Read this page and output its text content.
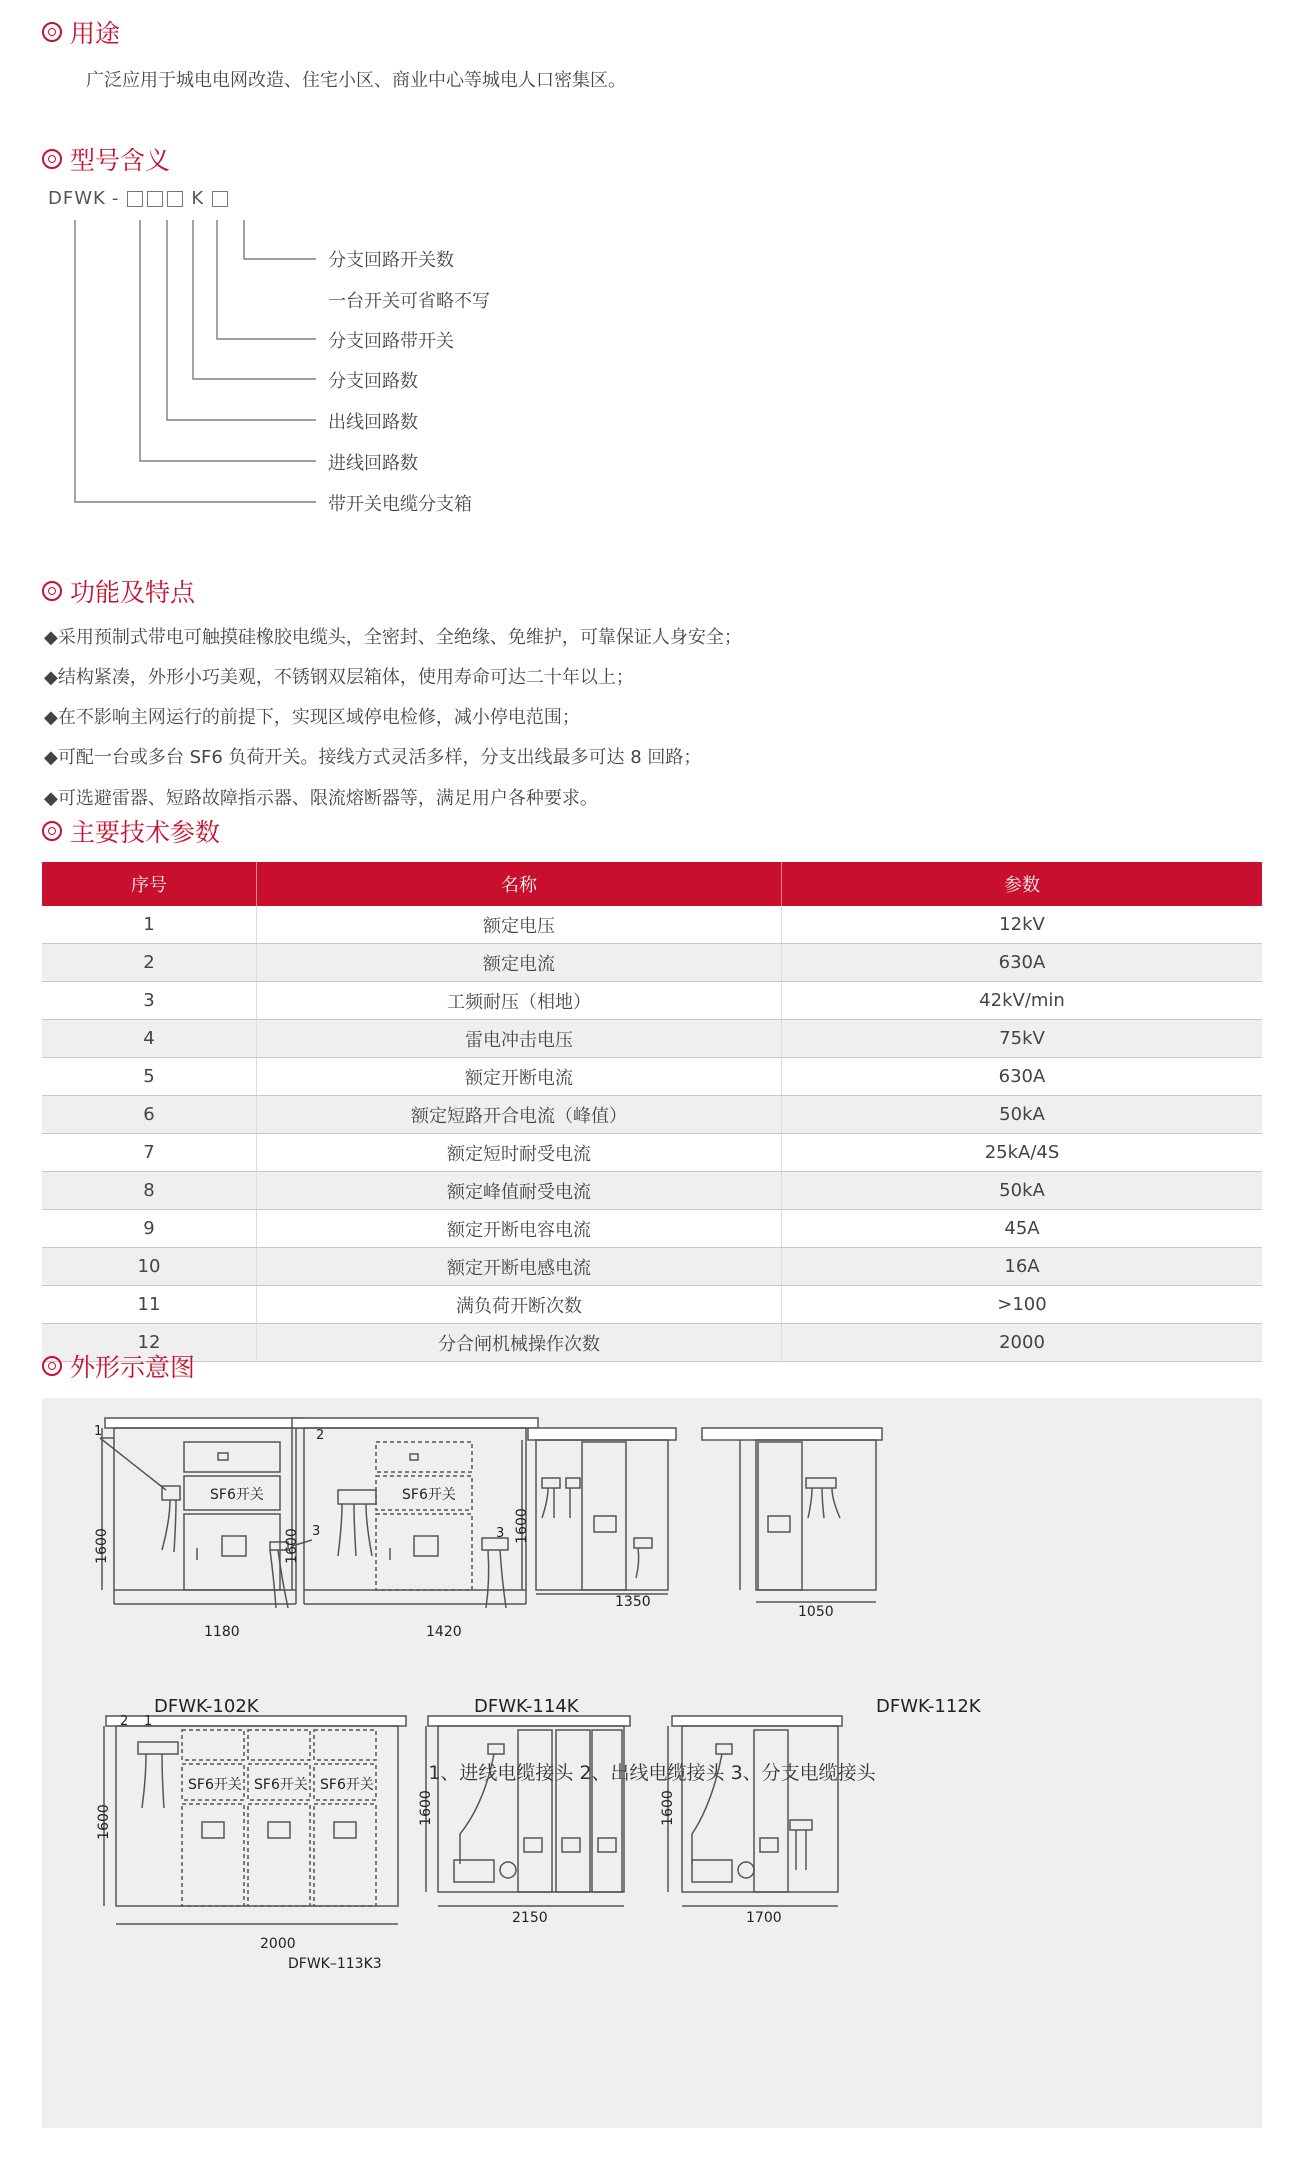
用途
广泛应用于城电电网改造、住宅小区、商业中心等城电人口密集区。
型号含义
DFWK -	K
分支回路开关数
一台开关可省略不写
分支回路带开关
分支回路数
出线回路数
进线回路数
带开关电缆分支箱
功能及特点
◆采用预制式带电可触摸硅橡胶电缆头，全密封、全绝缘、免维护，可靠保证人身安全；
◆结构紧凑，外形小巧美观，不锈钢双层箱体，使用寿命可达二十年以上；
◆在不影响主网运行的前提下，实现区域停电检修，减小停电范围；
◆可配一台或多台 SF6 负荷开关。接线方式灵活多样，分支出线最多可达 8 回路；
◆可选避雷器、短路故障指示器、限流熔断器等，满足用户各种要求。
主要技术参数
序号	名称	参数
1	额定电压	12kV
2	额定电流	630A
3	工频耐压（相地）	42kV/min
4	雷电冲击电压	75kV
5	额定开断电流	630A
6	额定短路开合电流（峰值）	50kA
7	额定短时耐受电流	25kA/4S
8	额定峰值耐受电流	50kA
9	额定开断电容电流	45A
10	额定开断电感电流	16A
11	满负荷开断次数	>100
12	分合闸机械操作次数	2000
外形示意图
1180
1600
1420
1600
1350
1600
1050
2000
1600
2150
1600
1700
1600
SF6开关	SF6开关
SF6开关 SF6开关 SF6开关
1
3
2
3
2 1
DFWK-102K	DFWK-114K	DFWK-112K
DFWK–113K3
1、进线电缆接头 2、出线电缆接头 3、分支电缆接头
